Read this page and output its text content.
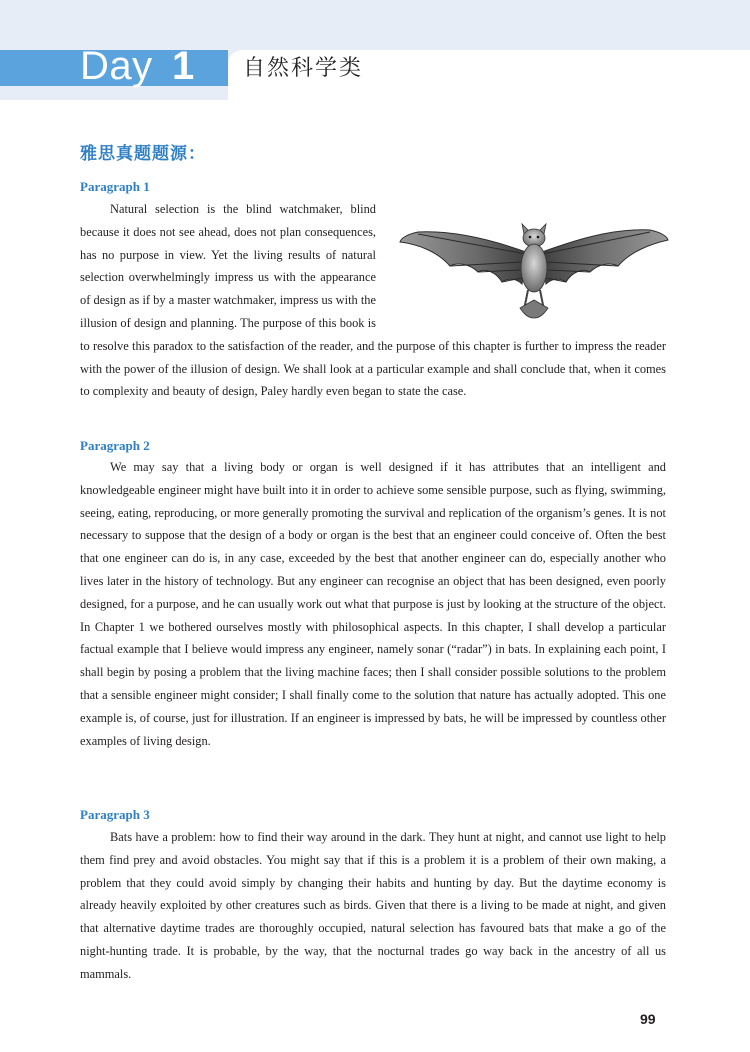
Day 1 自然科学类
雅思真题题源：
Paragraph 1

Natural selection is the blind watchmaker, blind because it does not see ahead, does not plan consequences, has no purpose in view. Yet the living results of natural selection overwhelmingly impress us with the appearance of design as if by a master watchmaker, impress us with the illusion of design and planning. The purpose of this book is to resolve this paradox to the satisfaction of the reader, and the purpose of this chapter is further to impress the reader with the power of the illusion of design. We shall look at a particular example and shall conclude that, when it comes to complexity and beauty of design, Paley hardly even began to state the case.

Paragraph 2

We may say that a living body or organ is well designed if it has attributes that an intelligent and knowledgeable engineer might have built into it in order to achieve some sensible purpose, such as flying, swimming, seeing, eating, reproducing, or more generally promoting the survival and replication of the organism’s genes. It is not necessary to suppose that the design of a body or organ is the best that an engineer could conceive of. Often the best that one engineer can do is, in any case, exceeded by the best that another engineer can do, especially another who lives later in the history of technology. But any engineer can recognise an object that has been designed, even poorly designed, for a purpose, and he can usually work out what that purpose is just by looking at the structure of the object. In Chapter 1 we bothered ourselves mostly with philosophical aspects. In this chapter, I shall develop a particular factual example that I believe would impress any engineer, namely sonar (“radar”) in bats. In explaining each point, I shall begin by posing a problem that the living machine faces; then I shall consider possible solutions to the problem that a sensible engineer might consider; I shall finally come to the solution that nature has actually adopted. This one example is, of course, just for illustration. If an engineer is impressed by bats, he will be impressed by countless other examples of living design.

Paragraph 3

Bats have a problem: how to find their way around in the dark. They hunt at night, and cannot use light to help them find prey and avoid obstacles. You might say that if this is a problem it is a problem of their own making, a problem that they could avoid simply by changing their habits and hunting by day. But the daytime economy is already heavily exploited by other creatures such as birds. Given that there is a living to be made at night, and given that alternative daytime trades are thoroughly occupied, natural selection has favoured bats that make a go of the night-hunting trade. It is probable, by the way, that the nocturnal trades go way back in the ancestry of all us mammals.

99
